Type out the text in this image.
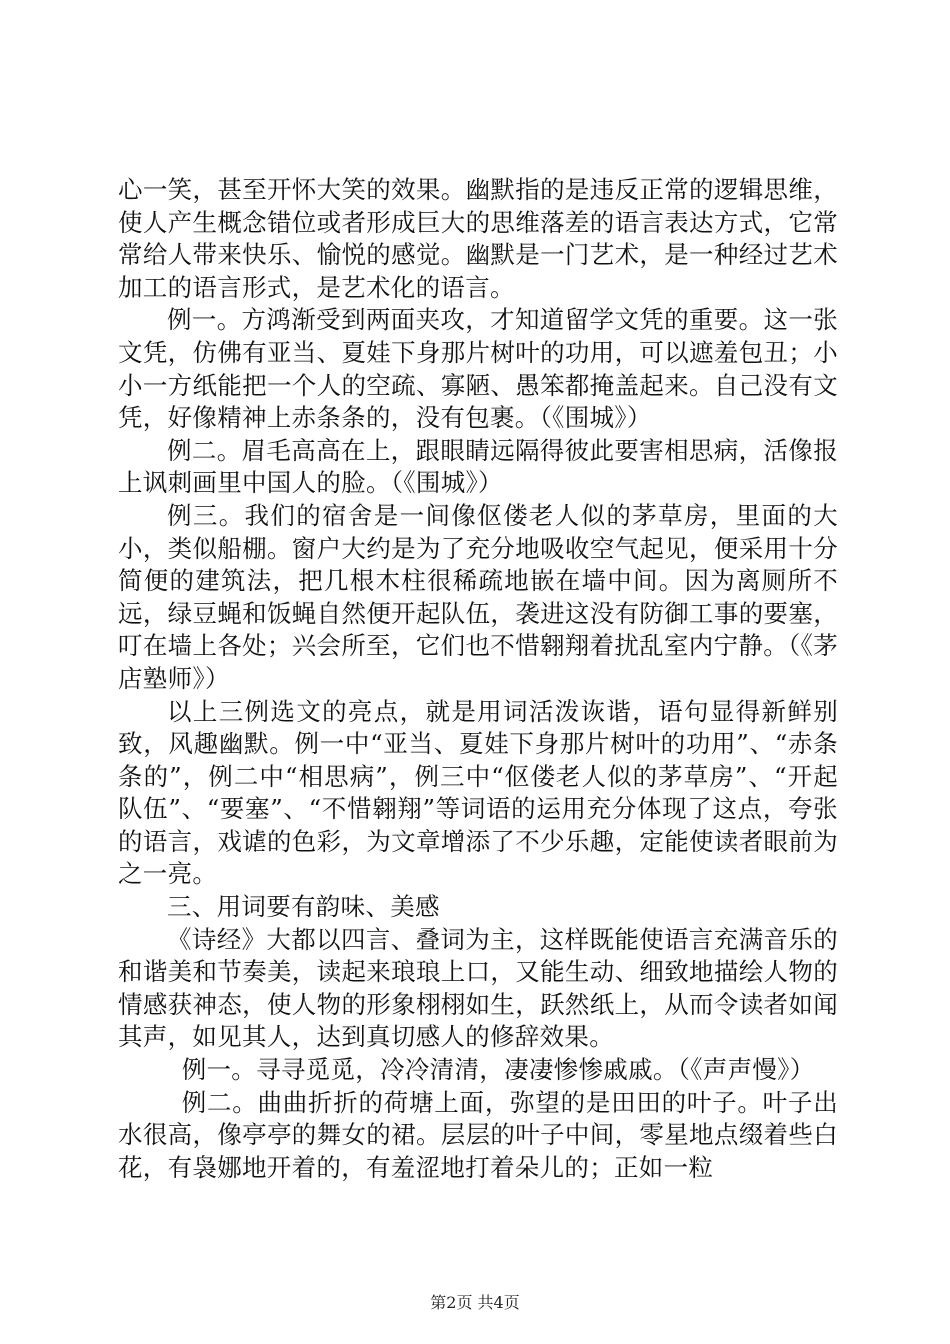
心一笑，甚至开怀大笑的效果。幽默指的是违反正常的逻辑思维，使人产生概念错位或者形成巨大的思维落差的语言表达方式，它常常给人带来快乐、愉悦的感觉。幽默是一门艺术，是一种经过艺术加工的语言形式，是艺术化的语言。

例一。方鸿渐受到两面夹攻，才知道留学文凭的重要。这一张文凭，仿佛有亚当、夏娃下身那片树叶的功用，可以遮羞包丑；小小一方纸能把一个人的空疏、寡陋、愚笨都掩盖起来。自己没有文凭，好像精神上赤条条的，没有包裹。（《围城》）

例二。眉毛高高在上，跟眼睛远隔得彼此要害相思病，活像报上讽刺画里中国人的脸。（《围城》）

例三。我们的宿舍是一间像伛偻老人似的茅草房，里面的大小，类似船棚。窗户大约是为了充分地吸收空气起见，便采用十分简便的建筑法，把几根木柱很稀疏地嵌在墙中间。因为离厕所不远，绿豆蝇和饭蝇自然便开起队伍，袭进这没有防御工事的要塞，叮在墙上各处；兴会所至，它们也不惜翱翔着扰乱室内宁静。（《茅店塾师》）

以上三例选文的亮点，就是用词活泼诙谐，语句显得新鲜别致，风趣幽默。例一中“亚当、夏娃下身那片树叶的功用”、“赤条条的”，例二中“相思病”，例三中“伛偻老人似的茅草房”、“开起队伍”、“要塞”、“不惜翱翔”等词语的运用充分体现了这点，夸张的语言，戏谑的色彩，为文章增添了不少乐趣，定能使读者眼前为之一亮。

三、用词要有韵味、美感

《诗经》大都以四言、叠词为主，这样既能使语言充满音乐的和谐美和节奏美，读起来琅琅上口，又能生动、细致地描绘人物的情感获神态，使人物的形象栩栩如生，跃然纸上，从而令读者如闻其声，如见其人，达到真切感人的修辞效果。

例一。寻寻觅觅，冷冷清清，凄凄惨惨戚戚。（《声声慢》）

例二。曲曲折折的荷塘上面，弥望的是田田的叶子。叶子出水很高，像亭亭的舞女的裙。层层的叶子中间，零星地点缀着些白花，有袅娜地开着的，有羞涩地打着朵儿的；正如一粒

第2页 共4页
